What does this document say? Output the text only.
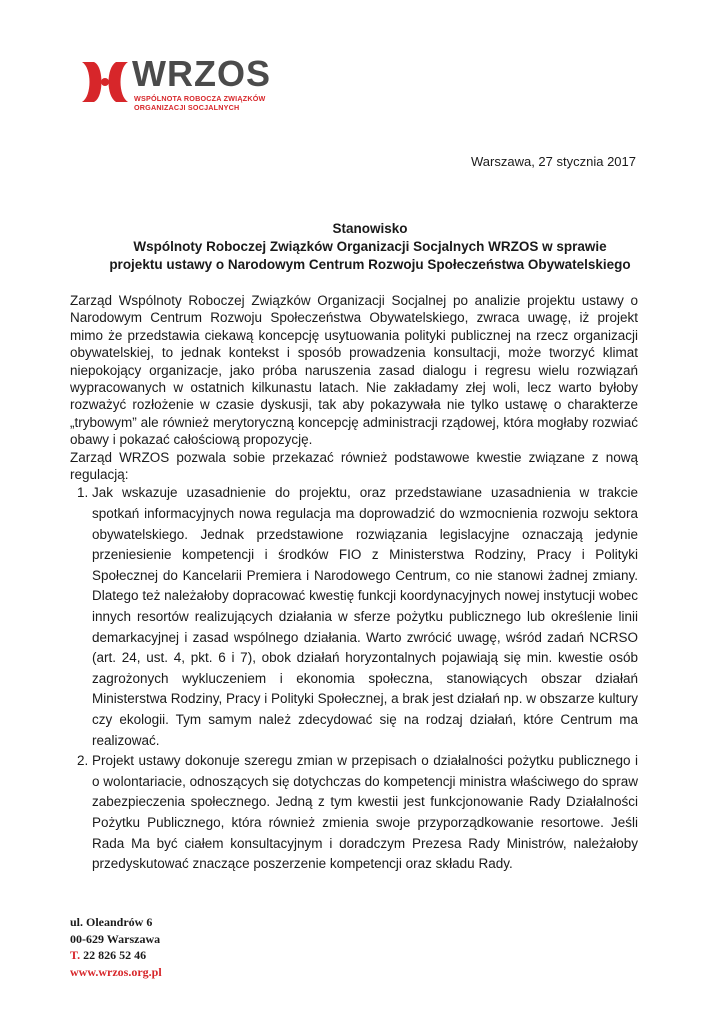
WRZOS
WSPÓLNOTA ROBOCZA ZWIĄZKÓW
ORGANIZACJI SOCJALNYCH
Warszawa, 27 stycznia 2017
Stanowisko
Wspólnoty Roboczej Związków Organizacji Socjalnych WRZOS w sprawie
projektu ustawy o Narodowym Centrum Rozwoju Społeczeństwa Obywatelskiego

Zarząd Wspólnoty Roboczej Związków Organizacji Socjalnej po analizie projektu ustawy o Narodowym Centrum Rozwoju Społeczeństwa Obywatelskiego, zwraca uwagę, iż projekt mimo że przedstawia ciekawą koncepcję usytuowania polityki publicznej na rzecz organizacji obywatelskiej, to jednak kontekst i sposób prowadzenia konsultacji, może tworzyć klimat niepokojący organizacje, jako próba naruszenia zasad dialogu i regresu wielu rozwiązań wypracowanych w ostatnich kilkunastu latach. Nie zakładamy złej woli, lecz warto byłoby rozważyć rozłożenie w czasie dyskusji, tak aby pokazywała nie tylko ustawę o charakterze „trybowym” ale również merytoryczną koncepcję administracji rządowej, która mogłaby rozwiać obawy i pokazać całościową propozycję.

Zarząd WRZOS pozwala sobie przekazać również podstawowe kwestie związane z nową regulacją:

1. Jak wskazuje uzasadnienie do projektu, oraz przedstawiane uzasadnienia w trakcie spotkań informacyjnych nowa regulacja ma doprowadzić do wzmocnienia rozwoju sektora obywatelskiego. Jednak przedstawione rozwiązania legislacyjne oznaczają jedynie przeniesienie kompetencji i środków FIO z Ministerstwa Rodziny, Pracy i Polityki Społecznej do Kancelarii Premiera i Narodowego Centrum, co nie stanowi żadnej zmiany. Dlatego też należałoby dopracować kwestię funkcji koordynacyjnych nowej instytucji wobec innych resortów realizujących działania w sferze pożytku publicznego lub określenie linii demarkacyjnej i zasad wspólnego działania. Warto zwrócić uwagę, wśród zadań NCRSO (art. 24, ust. 4, pkt. 6 i 7), obok działań horyzontalnych pojawiają się min. kwestie osób zagrożonych wykluczeniem i ekonomia społeczna, stanowiących obszar działań Ministerstwa Rodziny, Pracy i Polityki Społecznej, a brak jest działań np. w obszarze kultury czy ekologii. Tym samym należ zdecydować się na rodzaj działań, które Centrum ma realizować.
2. Projekt ustawy dokonuje szeregu zmian w przepisach o działalności pożytku publicznego i o wolontariacie, odnoszących się dotychczas do kompetencji ministra właściwego do spraw zabezpieczenia społecznego. Jedną z tym kwestii jest funkcjonowanie Rady Działalności Pożytku Publicznego, która również zmienia swoje przyporządkowanie resortowe. Jeśli Rada Ma być ciałem konsultacyjnym i doradczym Prezesa Rady Ministrów, należałoby przedyskutować znaczące poszerzenie kompetencji oraz składu Rady.
ul. Oleandrów 6
00-629 Warszawa
T. 22 826 52 46
www.wrzos.org.pl
